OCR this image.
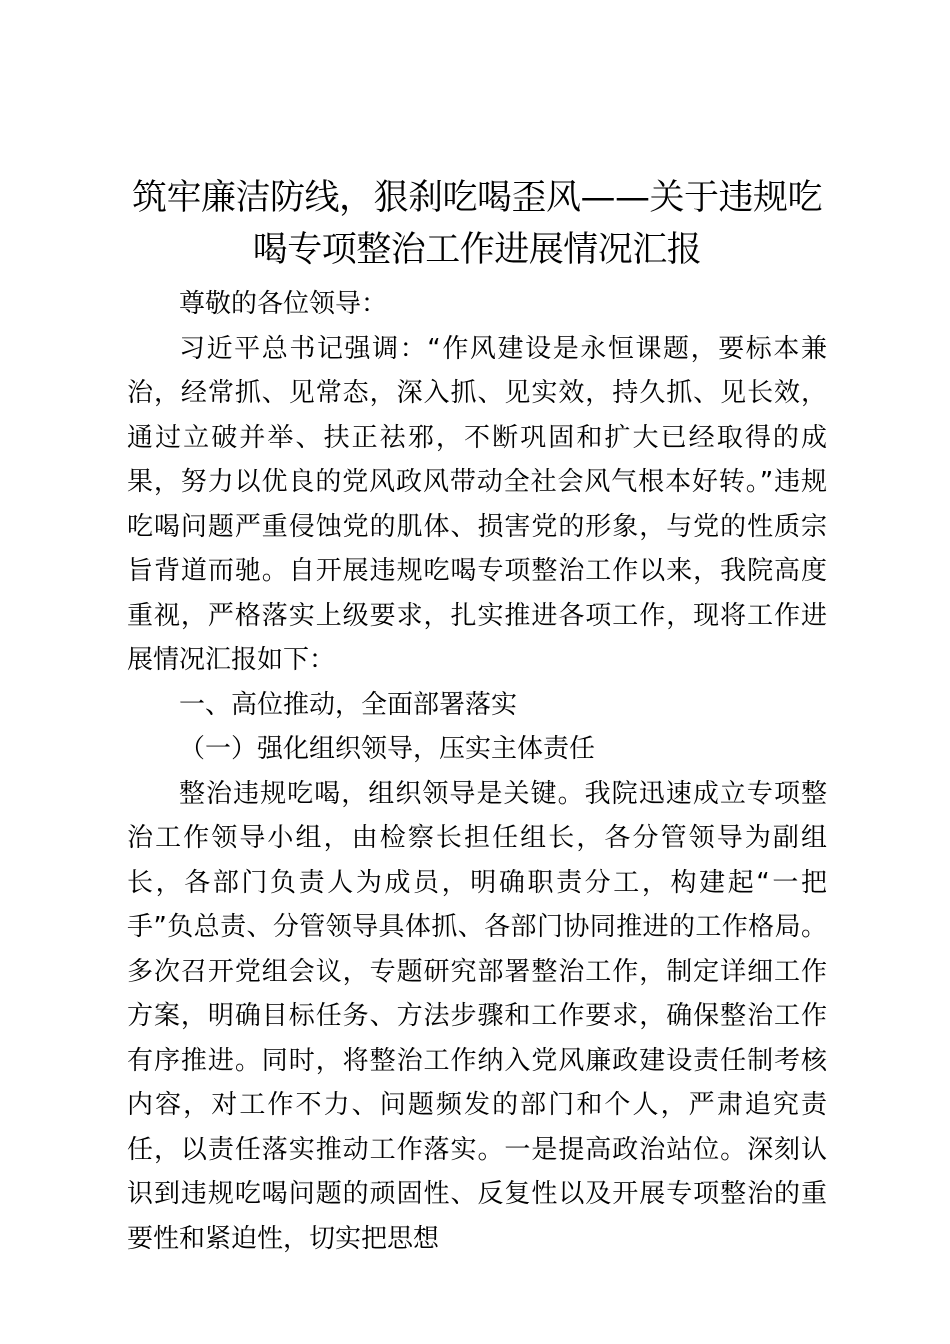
筑牢廉洁防线，狠刹吃喝歪风——关于违规吃喝专项整治工作进展情况汇报

尊敬的各位领导：

习近平总书记强调：“作风建设是永恒课题，要标本兼治，经常抓、见常态，深入抓、见实效，持久抓、见长效，通过立破并举、扶正祛邪，不断巩固和扩大已经取得的成果，努力以优良的党风政风带动全社会风气根本好转。”违规吃喝问题严重侵蚀党的肌体、损害党的形象，与党的性质宗旨背道而驰。自开展违规吃喝专项整治工作以来，我院高度重视，严格落实上级要求，扎实推进各项工作，现将工作进展情况汇报如下：

一、高位推动，全面部署落实

（一）强化组织领导，压实主体责任

整治违规吃喝，组织领导是关键。我院迅速成立专项整治工作领导小组，由检察长担任组长，各分管领导为副组长，各部门负责人为成员，明确职责分工，构建起“一把手”负总责、分管领导具体抓、各部门协同推进的工作格局。多次召开党组会议，专题研究部署整治工作，制定详细工作方案，明确目标任务、方法步骤和工作要求，确保整治工作有序推进。同时，将整治工作纳入党风廉政建设责任制考核内容，对工作不力、问题频发的部门和个人，严肃追究责任，以责任落实推动工作落实。一是提高政治站位。深刻认识到违规吃喝问题的顽固性、反复性以及开展专项整治的重要性和紧迫性，切实把思想
